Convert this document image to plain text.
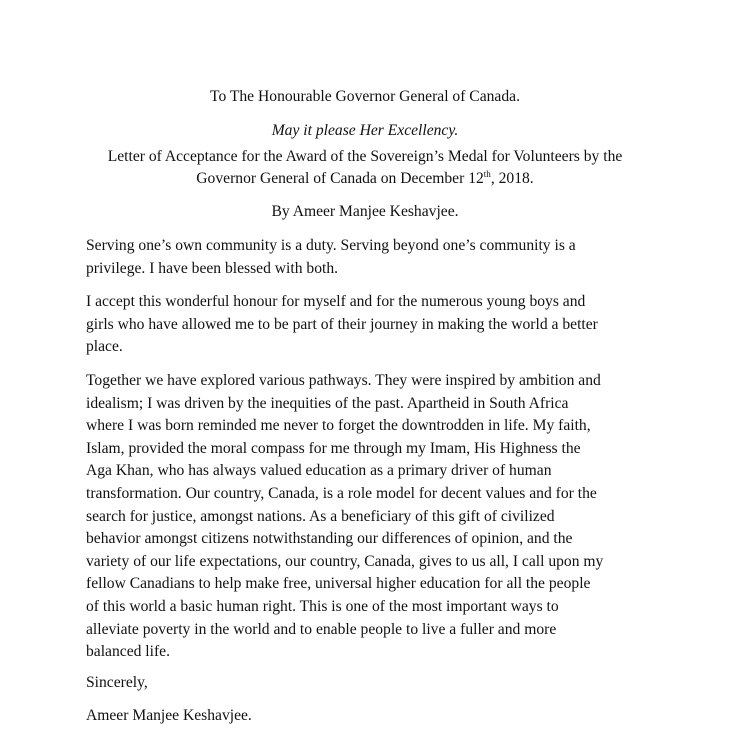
To The Honourable Governor General of Canada.

May it please Her Excellency.

Letter of Acceptance for the Award of the Sovereign’s Medal for Volunteers by the
Governor General of Canada on December 12th, 2018.

By Ameer Manjee Keshavjee.

Serving one’s own community is a duty. Serving beyond one’s community is a
privilege. I have been blessed with both.

I accept this wonderful honour for myself and for the numerous young boys and
girls who have allowed me to be part of their journey in making the world a better
place.

Together we have explored various pathways. They were inspired by ambition and
idealism; I was driven by the inequities of the past. Apartheid in South Africa
where I was born reminded me never to forget the downtrodden in life. My faith,
Islam, provided the moral compass for me through my Imam, His Highness the
Aga Khan, who has always valued education as a primary driver of human
transformation. Our country, Canada, is a role model for decent values and for the
search for justice, amongst nations. As a beneficiary of this gift of civilized
behavior amongst citizens notwithstanding our differences of opinion, and the
variety of our life expectations, our country, Canada, gives to us all, I call upon my
fellow Canadians to help make free, universal higher education for all the people
of this world a basic human right. This is one of the most important ways to
alleviate poverty in the world and to enable people to live a fuller and more
balanced life.

Sincerely,

Ameer Manjee Keshavjee.
